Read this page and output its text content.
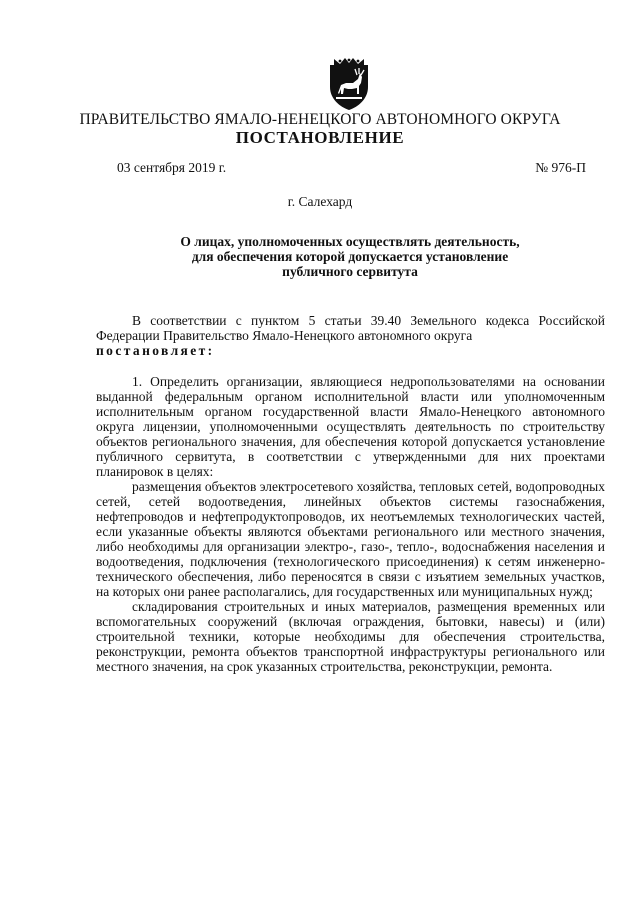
ПРАВИТЕЛЬСТВО ЯМАЛО-НЕНЕЦКОГО АВТОНОМНОГО ОКРУГА
ПОСТАНОВЛЕНИЕ
03 сентября 2019 г.	№ 976-П
г. Салехард
О лицах, уполномоченных осуществлять деятельность,
для обеспечения которой допускается установление
публичного сервитута

В соответствии с пунктом 5 статьи 39.40 Земельного кодекса Российской Федерации Правительство Ямало-Ненецкого автономного округа

постановляет:

1. Определить организации, являющиеся недропользователями на основании выданной федеральным органом исполнительной власти или уполномоченным исполнительным органом государственной власти Ямало-Ненецкого автономного округа лицензии, уполномоченными осуществлять деятельность по строительству объектов регионального значения, для обеспечения которой допускается установление публичного сервитута, в соответствии с утвержденными для них проектами планировок в целях:

размещения объектов электросетевого хозяйства, тепловых сетей, водопроводных сетей, сетей водоотведения, линейных объектов системы газоснабжения, нефтепроводов и нефтепродуктопроводов, их неотъемлемых технологических частей, если указанные объекты являются объектами регионального или местного значения, либо необходимы для организации электро-, газо-, тепло-, водоснабжения населения и водоотведения, подключения (технологического присоединения) к сетям инженерно-технического обеспечения, либо переносятся в связи с изъятием земельных участков, на которых они ранее располагались, для государственных или муниципальных нужд;

складирования строительных и иных материалов, размещения временных или вспомогательных сооружений (включая ограждения, бытовки, навесы) и (или) строительной техники, которые необходимы для обеспечения строительства, реконструкции, ремонта объектов транспортной инфраструктуры регионального или местного значения, на срок указанных строительства, реконструкции, ремонта.
